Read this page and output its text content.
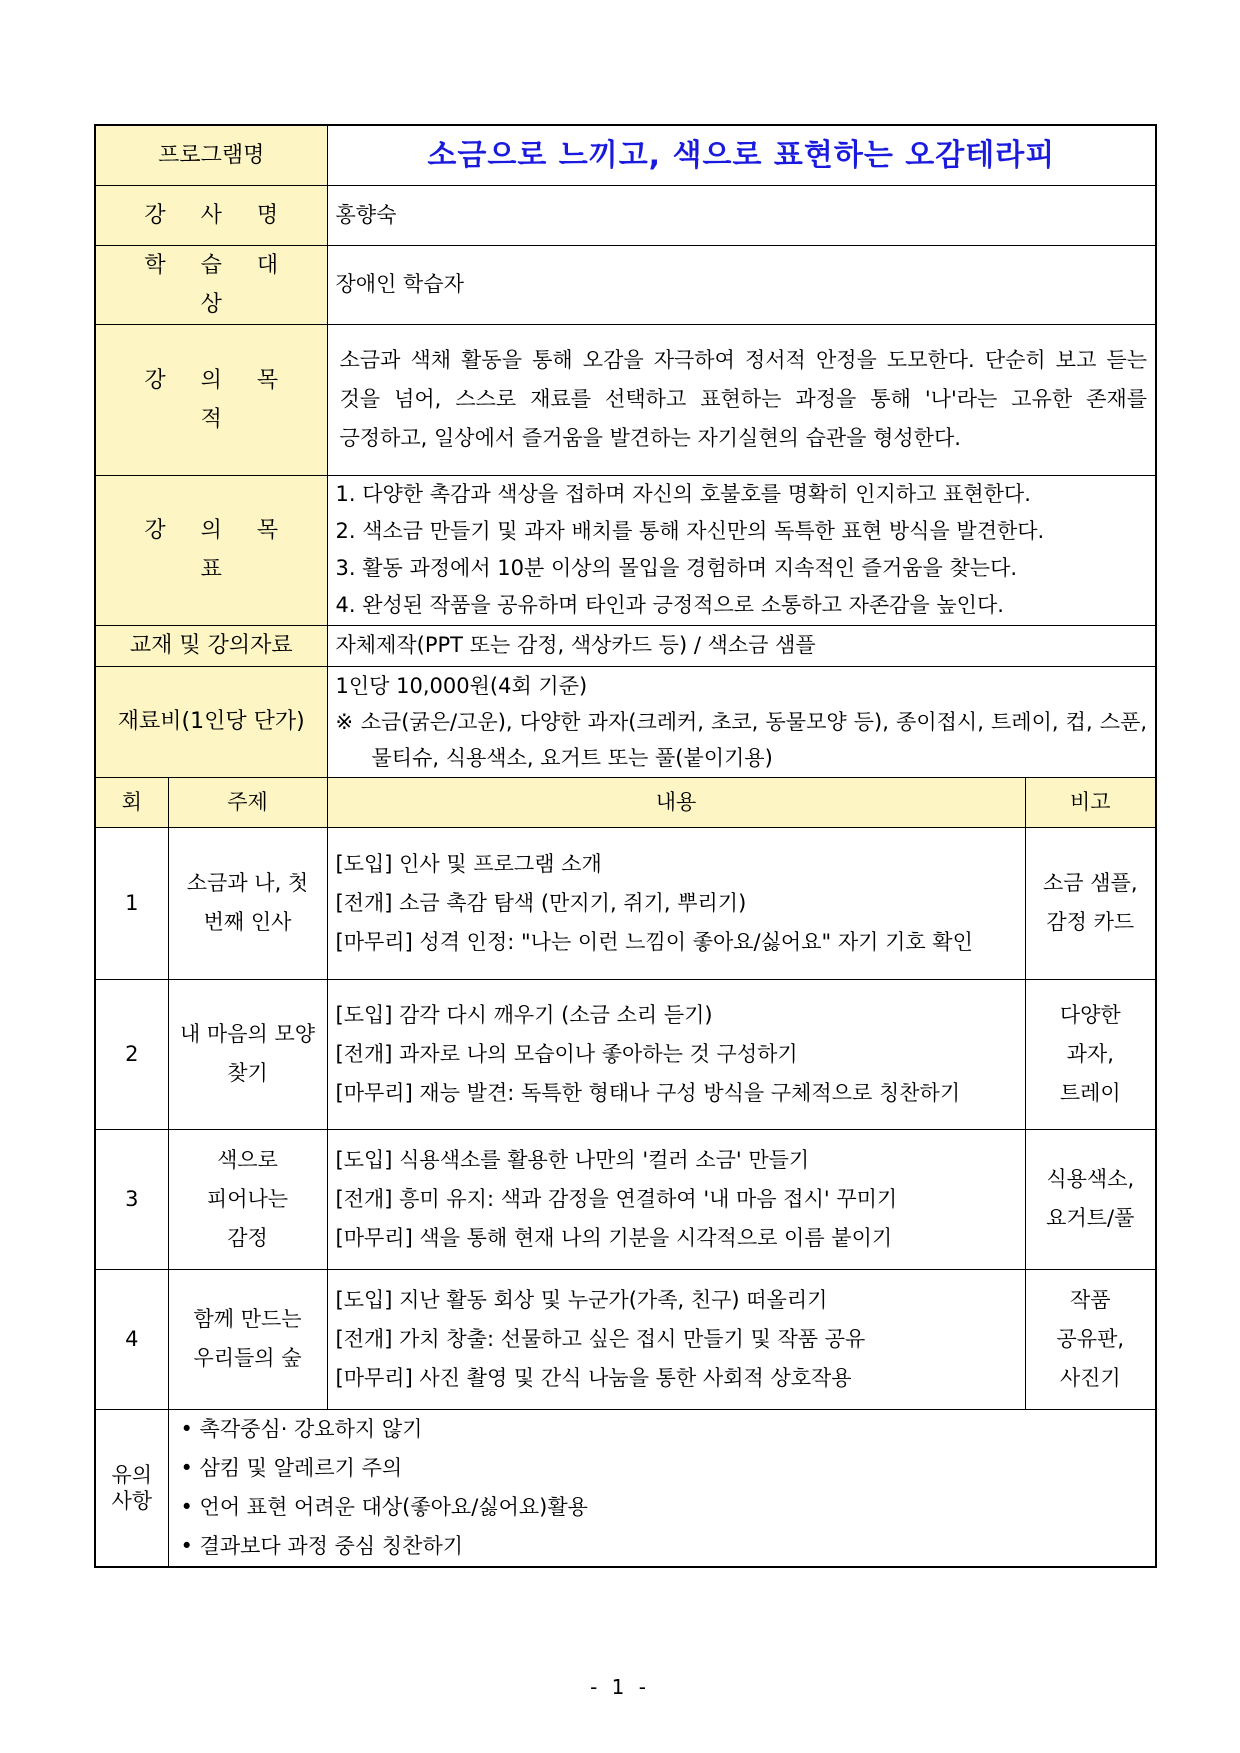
프로그램명		소금으로 느끼고, 색으로 표현하는 오감테라피	
강 사 명		홍향숙	
학 습 대 상		장애인 학습자	
강 의 목 적		소금과 색채 활동을 통해 오감을 자극하여 정서적 안정을 도모한다. 단순히 보고 듣는 것을 넘어, 스스로 재료를 선택하고 표현하는 과정을 통해 '나'라는 고유한 존재를 긍정하고, 일상에서 즐거움을 발견하는 자기실현의 습관을 형성한다.	
강 의 목 표		1. 다양한 촉감과 색상을 접하며 자신의 호불호를 명확히 인지하고 표현한다.
2. 색소금 만들기 및 과자 배치를 통해 자신만의 독특한 표현 방식을 발견한다.
3. 활동 과정에서 10분 이상의 몰입을 경험하며 지속적인 즐거움을 찾는다.
4. 완성된 작품을 공유하며 타인과 긍정적으로 소통하고 자존감을 높인다.	

교재 및 강의자료		자체제작(PPT 또는 감정, 색상카드 등) / 색소금 샘플	
재료비(1인당 단가)		1인당 10,000원(4회 기준)
※ 소금(굵은/고운), 다양한 과자(크레커, 초코, 동물모양 등), 종이접시, 트레이, 컵, 스푼, 물티슈, 식용색소, 요거트 또는 풀(붙이기용)	

회	주제	내용	비고
1	소금과 나, 첫 번째 인사	[도입] 인사 및 프로그램 소개
[전개] 소금 촉감 탐색 (만지기, 쥐기, 뿌리기)
[마무리] 성격 인정: "나는 이런 느낌이 좋아요/싫어요" 자기 기호 확인	소금 샘플, 감정 카드
2	내 마음의 모양 찾기	[도입] 감각 다시 깨우기 (소금 소리 듣기)
[전개] 과자로 나의 모습이나 좋아하는 것 구성하기
[마무리] 재능 발견: 독특한 형태나 구성 방식을 구체적으로 칭찬하기	다양한 과자, 트레이
3	색으로 피어나는 감정	[도입] 식용색소를 활용한 나만의 '컬러 소금' 만들기
[전개] 흥미 유지: 색과 감정을 연결하여 '내 마음 접시' 꾸미기
[마무리] 색을 통해 현재 나의 기분을 시각적으로 이름 붙이기	식용색소, 요거트/풀
4	함께 만드는 우리들의 숲	[도입] 지난 활동 회상 및 누군가(가족, 친구) 떠올리기
[전개] 가치 창출: 선물하고 싶은 접시 만들기 및 작품 공유
[마무리] 사진 촬영 및 간식 나눔을 통한 사회적 상호작용	작품 공유판, 사진기
유의 사항	• 촉각중심· 강요하지 않기
• 삼킴 및 알레르기 주의
• 언어 표현 어려운 대상(좋아요/싫어요)활용
• 결과보다 과정 중심 칭찬하기		
- 1 -
